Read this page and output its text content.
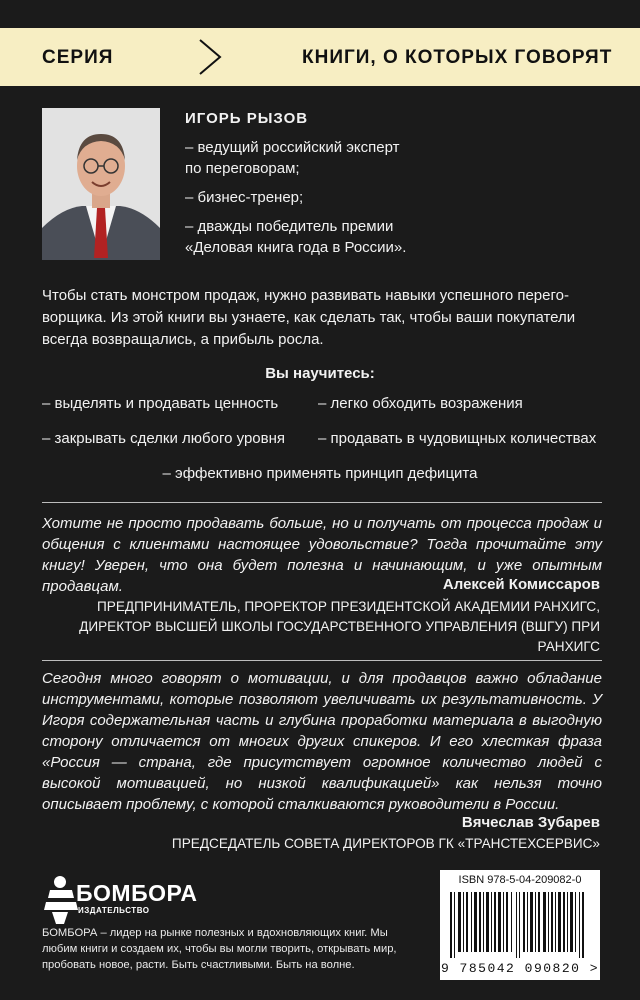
СЕРИЯ	КНИГИ, О КОТОРЫХ ГОВОРЯТ
ИГОРЬ РЫЗОВ

– ведущий российский эксперт по переговорам;

– бизнес-тренер;

– дважды победитель премии «Деловая книга года в России».

Чтобы стать монстром продаж, нужно развивать навыки успешного перего-ворщика. Из этой книги вы узнаете, как сделать так, чтобы ваши покупатели всегда возвращались, а прибыль росла.
Вы научитесь:
– выделять и продавать ценность	– легко обходить возражения
– закрывать сделки любого уровня – продавать в чудовищных количествах
– эффективно применять принцип дефицита
Хотите не просто продавать больше, но и получать от процесса продаж и общения с клиентами настоящее удовольствие? Тогда прочитайте эту книгу! Уверен, что она будет полезна и начинающим, и уже опытным продавцам.	Алексей Комиссаров
ПРЕДПРИНИМАТЕЛЬ, ПРОРЕКТОР ПРЕЗИДЕНТСКОЙ АКАДЕМИИ РАНХИГС, ДИРЕКТОР ВЫСШЕЙ ШКОЛЫ ГОСУДАРСТВЕННОГО УПРАВЛЕНИЯ (ВШГУ) ПРИ РАНХИГС
Сегодня много говорят о мотивации, и для продавцов важно обладание инструментами, которые позволяют увеличивать их результативность. У Игоря содержательная часть и глубина проработки материала в выгодную сторону отличается от многих других спикеров. И его хлесткая фраза «Россия — страна, где присутствует огромное количество людей с высокой мотивацией, но низкой квалификацией» как нельзя точно описывает проблему, с которой сталкиваются руководители в России.
Вячеслав Зубарев
ПРЕДСЕДАТЕЛЬ СОВЕТА ДИРЕКТОРОВ ГК «ТРАНСТЕХСЕРВИС»
БОМБОРА
ИЗДАТЕЛЬСТВО
БОМБОРА – лидер на рынке полезных и вдохновляющих книг. Мы любим книги и создаем их, чтобы вы могли творить, открывать мир, пробовать новое, расти. Быть счастливыми. Быть на волне.
ISBN 978-5-04-209082-0
9 785042 090820 >
